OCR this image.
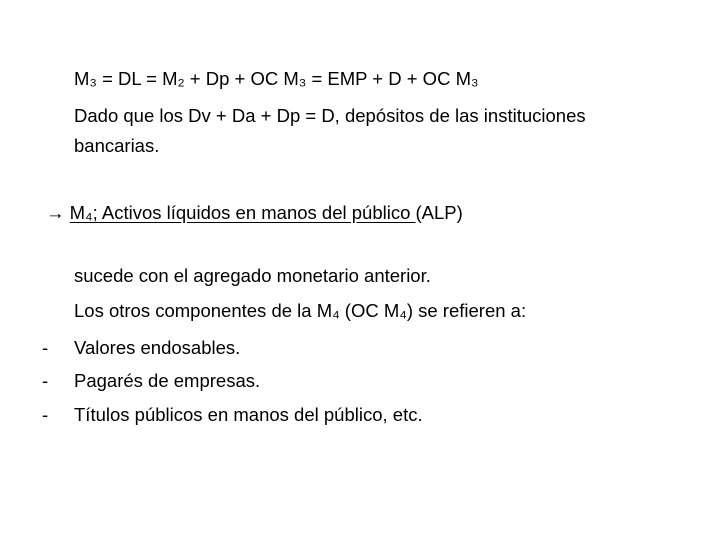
M₃ = DL = M₂ + Dp + OC M₃ = EMP + D + OC M₃
Dado que los Dv + Da + Dp = D, depósitos de las instituciones
bancarias.
→ M₄; Activos líquidos en manos del público (ALP)
sucede con el agregado monetario anterior.
Los otros componentes de la M₄ (OC M₄) se refieren a:
- Valores endosables.
- Pagarés de empresas.
- Títulos públicos en manos del público, etc.
